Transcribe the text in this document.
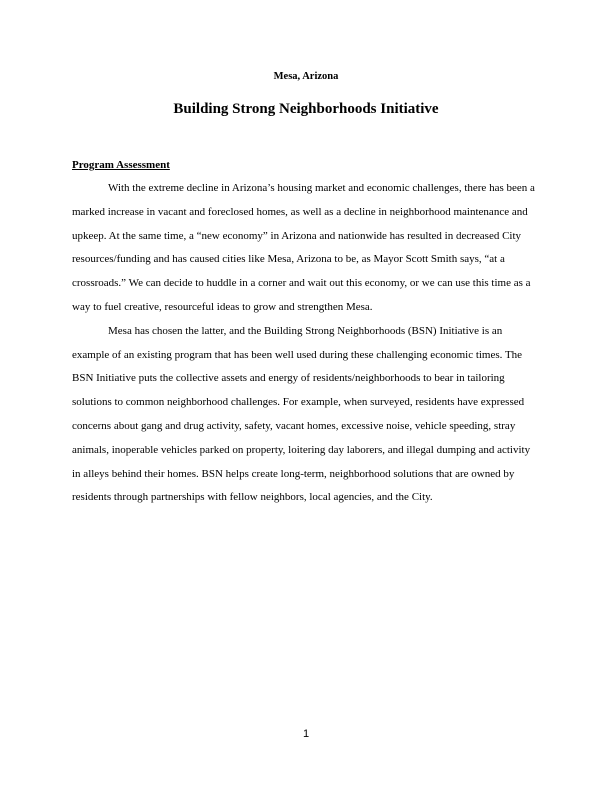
Mesa, Arizona
Building Strong Neighborhoods Initiative
Program Assessment

With the extreme decline in Arizona’s housing market and economic challenges, there has been a marked increase in vacant and foreclosed homes, as well as a decline in neighborhood maintenance and upkeep. At the same time, a “new economy” in Arizona and nationwide has resulted in decreased City resources/funding and has caused cities like Mesa, Arizona to be, as Mayor Scott Smith says, “at a crossroads.” We can decide to huddle in a corner and wait out this economy, or we can use this time as a way to fuel creative, resourceful ideas to grow and strengthen Mesa.

Mesa has chosen the latter, and the Building Strong Neighborhoods (BSN) Initiative is an example of an existing program that has been well used during these challenging economic times. The BSN Initiative puts the collective assets and energy of residents/neighborhoods to bear in tailoring solutions to common neighborhood challenges. For example, when surveyed, residents have expressed concerns about gang and drug activity, safety, vacant homes, excessive noise, vehicle speeding, stray animals, inoperable vehicles parked on property, loitering day laborers, and illegal dumping and activity in alleys behind their homes. BSN helps create long-term, neighborhood solutions that are owned by residents through partnerships with fellow neighbors, local agencies, and the City.

1
